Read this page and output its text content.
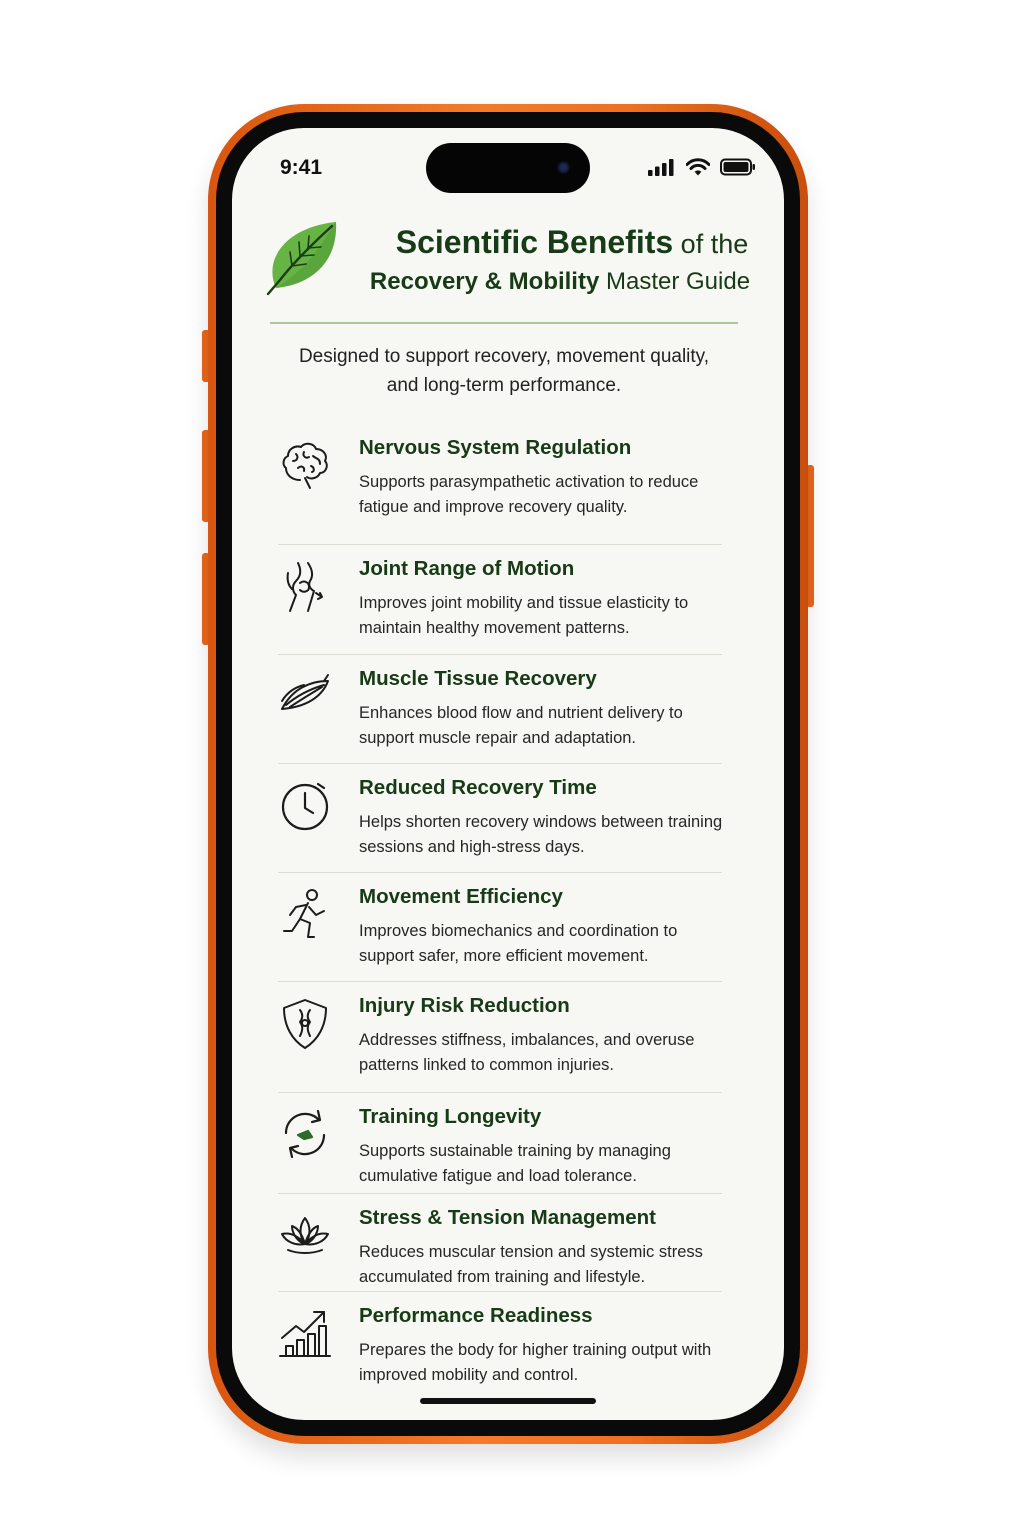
9:41
Scientific Benefits of the
Recovery & Mobility Master Guide
Designed to support recovery, movement quality, and long-term performance.
Nervous System Regulation
Supports parasympathetic activation to reduce fatigue and improve recovery quality.
Joint Range of Motion
Improves joint mobility and tissue elasticity to maintain healthy movement patterns.
Muscle Tissue Recovery
Enhances blood flow and nutrient delivery to support muscle repair and adaptation.
Reduced Recovery Time
Helps shorten recovery windows between training sessions and high-stress days.
Movement Efficiency
Improves biomechanics and coordination to support safer, more efficient movement.
Injury Risk Reduction
Addresses stiffness, imbalances, and overuse patterns linked to common injuries.
Training Longevity
Supports sustainable training by managing cumulative fatigue and load tolerance.
Stress & Tension Management
Reduces muscular tension and systemic stress accumulated from training and lifestyle.
Performance Readiness
Prepares the body for higher training output with improved mobility and control.
